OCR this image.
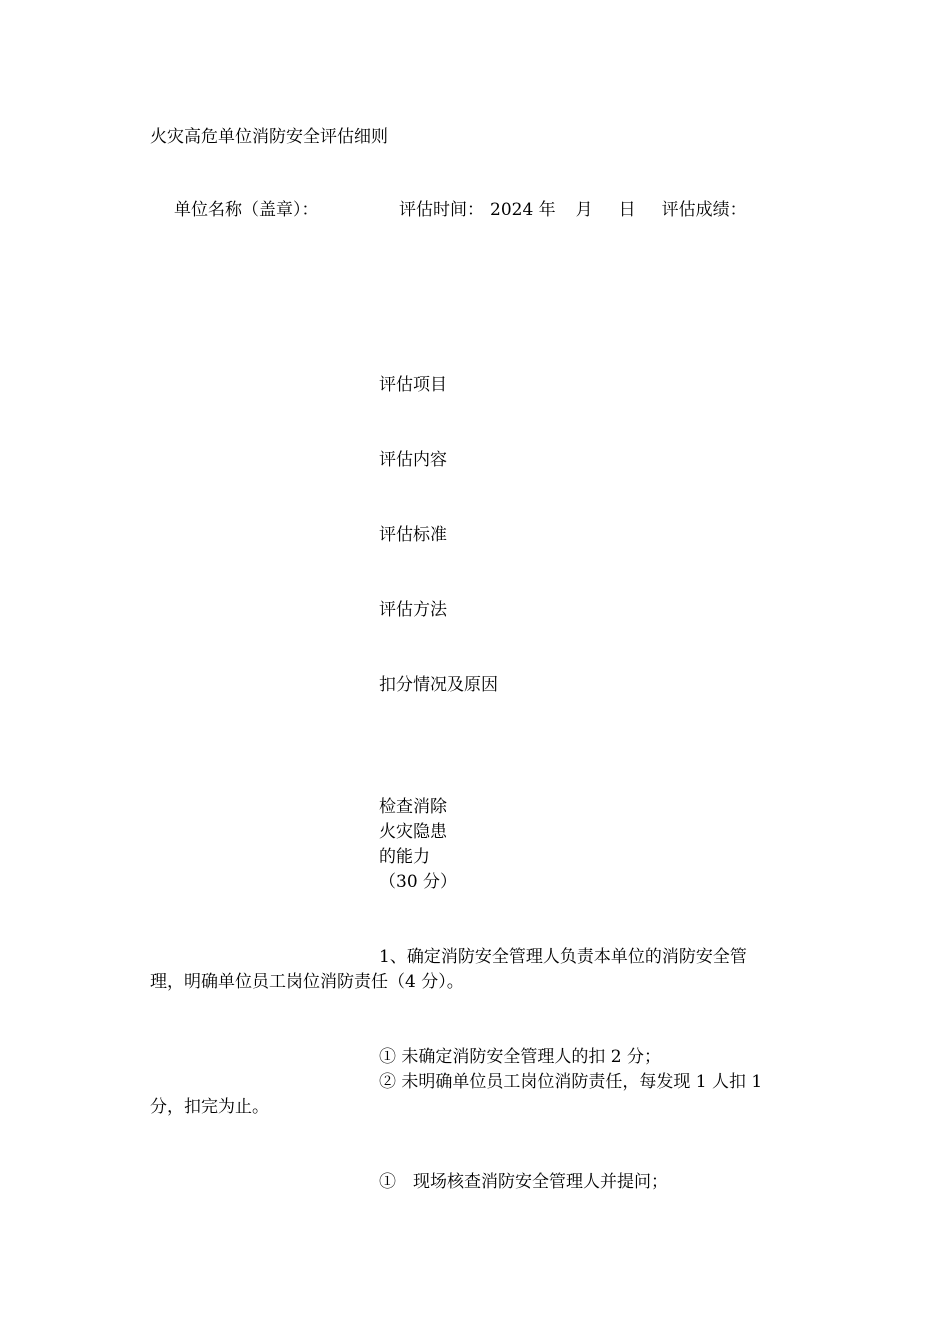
火灾高危单位消防安全评估细则
单位名称（盖章）：	评估时间： 2024 年 月 日 评估成绩：
评估项目
评估内容
评估标准
评估方法
扣分情况及原因
检查消除
火灾隐患
的能力
（30 分）
1、确定消防安全管理人负责本单位的消防安全管
理，明确单位员工岗位消防责任（4 分）。
① 未确定消防安全管理人的扣 2 分；
② 未明确单位员工岗位消防责任，每发现 1 人扣 1
分，扣完为止。
①　现场核查消防安全管理人并提问；
